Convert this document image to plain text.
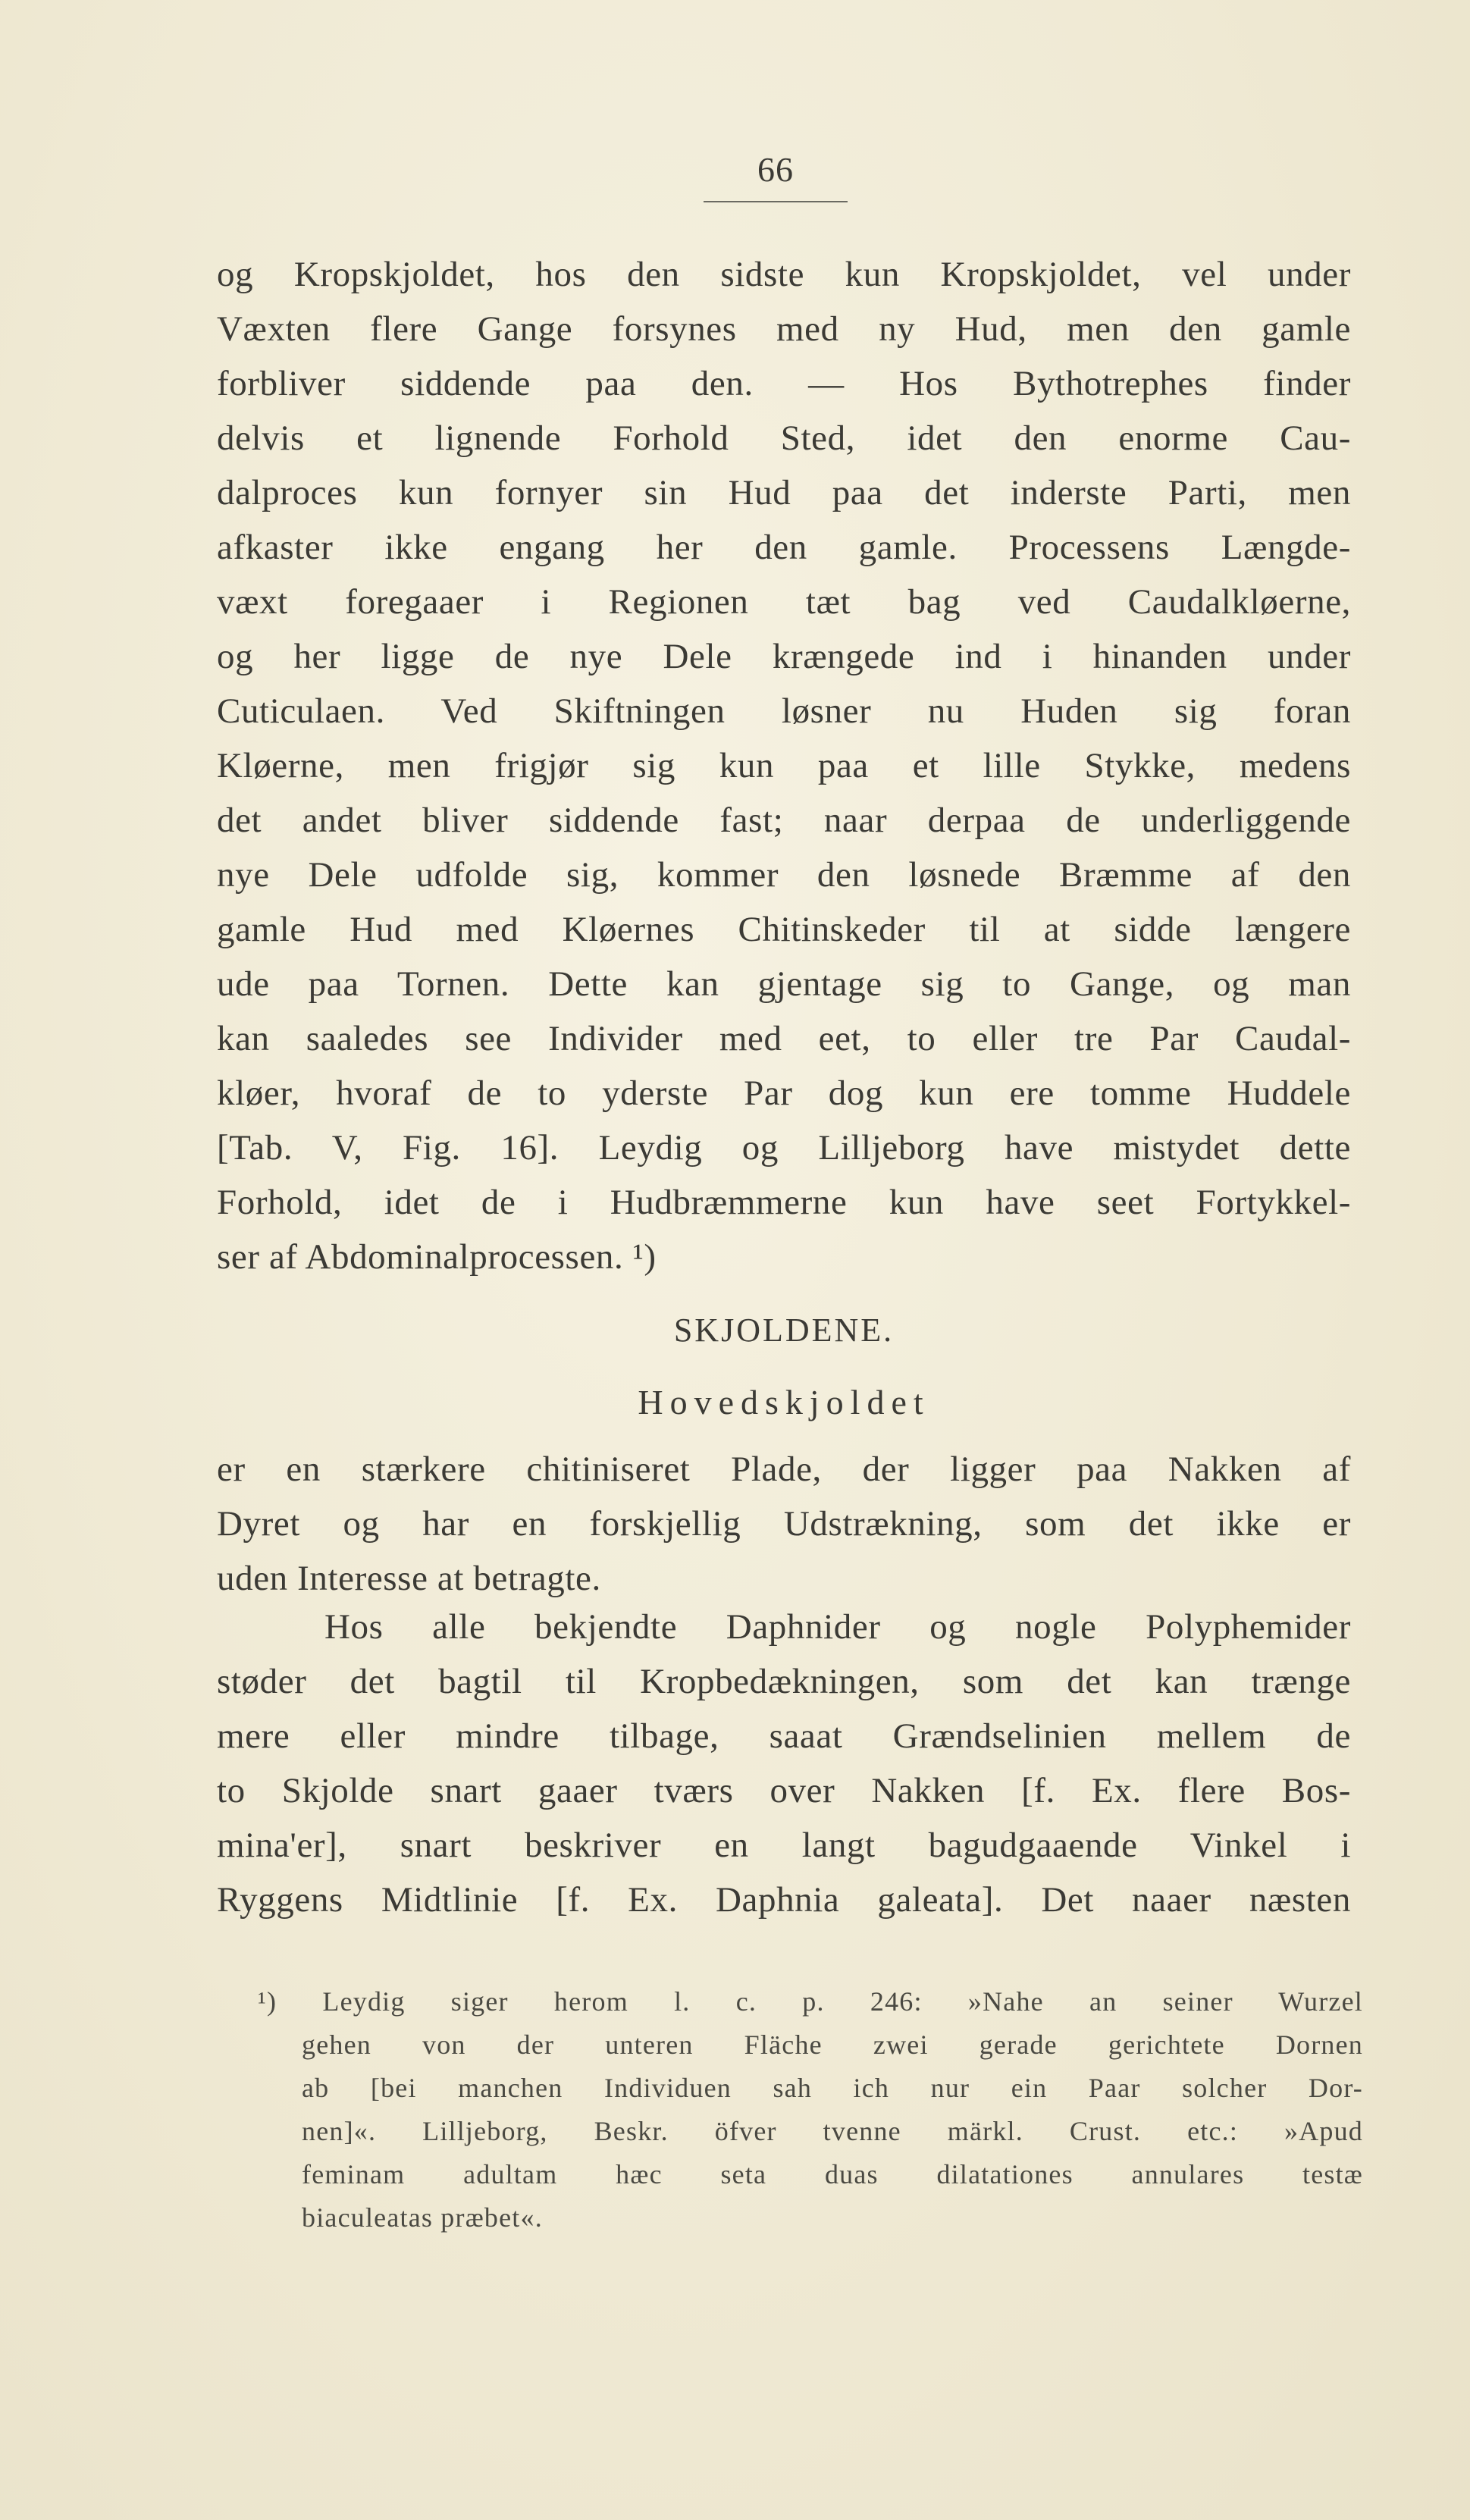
66
og Kropskjoldet, hos den sidste kun Kropskjoldet, vel under
Væxten flere Gange forsynes med ny Hud, men den gamle
forbliver siddende paa den. — Hos Bythotrephes finder
delvis et lignende Forhold Sted, idet den enorme Cau-
dalproces kun fornyer sin Hud paa det inderste Parti, men
afkaster ikke engang her den gamle. Processens Længde-
væxt foregaaer i Regionen tæt bag ved Caudalkløerne,
og her ligge de nye Dele krængede ind i hinanden under
Cuticulaen. Ved Skiftningen løsner nu Huden sig foran
Kløerne, men frigjør sig kun paa et lille Stykke, medens
det andet bliver siddende fast; naar derpaa de underliggende
nye Dele udfolde sig, kommer den løsnede Bræmme af den
gamle Hud med Kløernes Chitinskeder til at sidde længere
ude paa Tornen. Dette kan gjentage sig to Gange, og man
kan saaledes see Individer med eet, to eller tre Par Caudal-
kløer, hvoraf de to yderste Par dog kun ere tomme Huddele
[Tab. V, Fig. 16]. Leydig og Lilljeborg have mistydet dette
Forhold, idet de i Hudbræmmerne kun have seet Fortykkel-
ser af Abdominalprocessen. ¹)
SKJOLDENE.
Hovedskjoldet
er en stærkere chitiniseret Plade, der ligger paa Nakken af
Dyret og har en forskjellig Udstrækning, som det ikke er
uden Interesse at betragte.
Hos alle bekjendte Daphnider og nogle Polyphemider
støder det bagtil til Kropbedækningen, som det kan trænge
mere eller mindre tilbage, saaat Grændselinien mellem de
to Skjolde snart gaaer tværs over Nakken [f. Ex. flere Bos-
mina'er], snart beskriver en langt bagudgaaende Vinkel i
Ryggens Midtlinie [f. Ex. Daphnia galeata]. Det naaer næsten
¹) Leydig siger herom l. c. p. 246: »Nahe an seiner Wurzel
gehen von der unteren Fläche zwei gerade gerichtete Dornen
ab [bei manchen Individuen sah ich nur ein Paar solcher Dor-
nen]«. Lilljeborg, Beskr. öfver tvenne märkl. Crust. etc.: »Apud
feminam adultam hæc seta duas dilatationes annulares testæ
biaculeatas præbet«.
